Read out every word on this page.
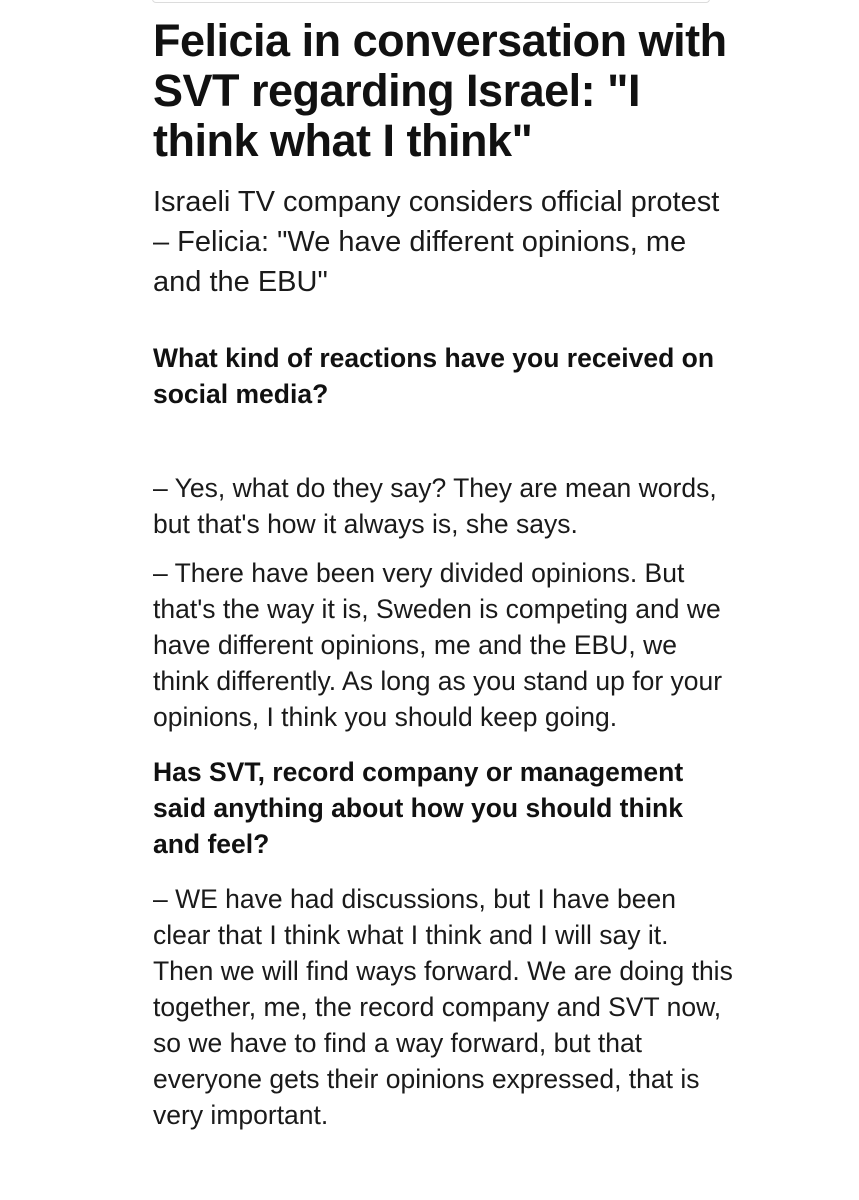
Felicia in conversation with SVT regarding Israel: "I think what I think"

Israeli TV company considers official protest – Felicia: "We have different opinions, me and the EBU"

What kind of reactions have you received on social media?

– Yes, what do they say? They are mean words, but that's how it always is, she says.

– There have been very divided opinions. But that's the way it is, Sweden is competing and we have different opinions, me and the EBU, we think differently. As long as you stand up for your opinions, I think you should keep going.

Has SVT, record company or management said anything about how you should think and feel?

– WE have had discussions, but I have been clear that I think what I think and I will say it. Then we will find ways forward. We are doing this together, me, the record company and SVT now, so we have to find a way forward, but that everyone gets their opinions expressed, that is very important.
